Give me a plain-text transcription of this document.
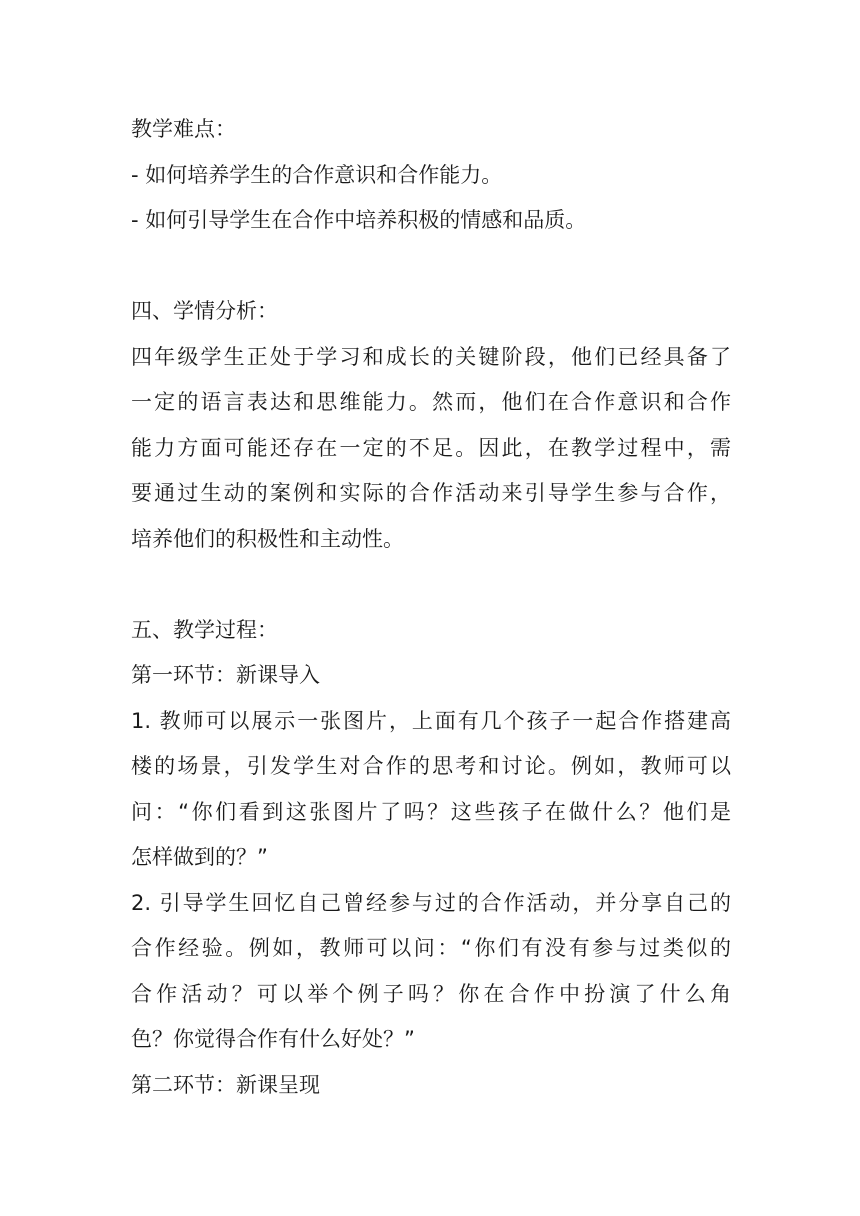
教学难点：
- 如何培养学生的合作意识和合作能力。
- 如何引导学生在合作中培养积极的情感和品质。
四、学情分析：
四年级学生正处于学习和成长的关键阶段，他们已经具备了
一定的语言表达和思维能力。然而，他们在合作意识和合作
能力方面可能还存在一定的不足。因此，在教学过程中，需
要通过生动的案例和实际的合作活动来引导学生参与合作，
培养他们的积极性和主动性。
五、教学过程：
第一环节：新课导入
1. 教师可以展示一张图片，上面有几个孩子一起合作搭建高
楼的场景，引发学生对合作的思考和讨论。例如，教师可以
问：“你们看到这张图片了吗？这些孩子在做什么？他们是
怎样做到的？”
2. 引导学生回忆自己曾经参与过的合作活动，并分享自己的
合作经验。例如，教师可以问：“你们有没有参与过类似的
合作活动？可以举个例子吗？你在合作中扮演了什么角
色？你觉得合作有什么好处？”
第二环节：新课呈现
